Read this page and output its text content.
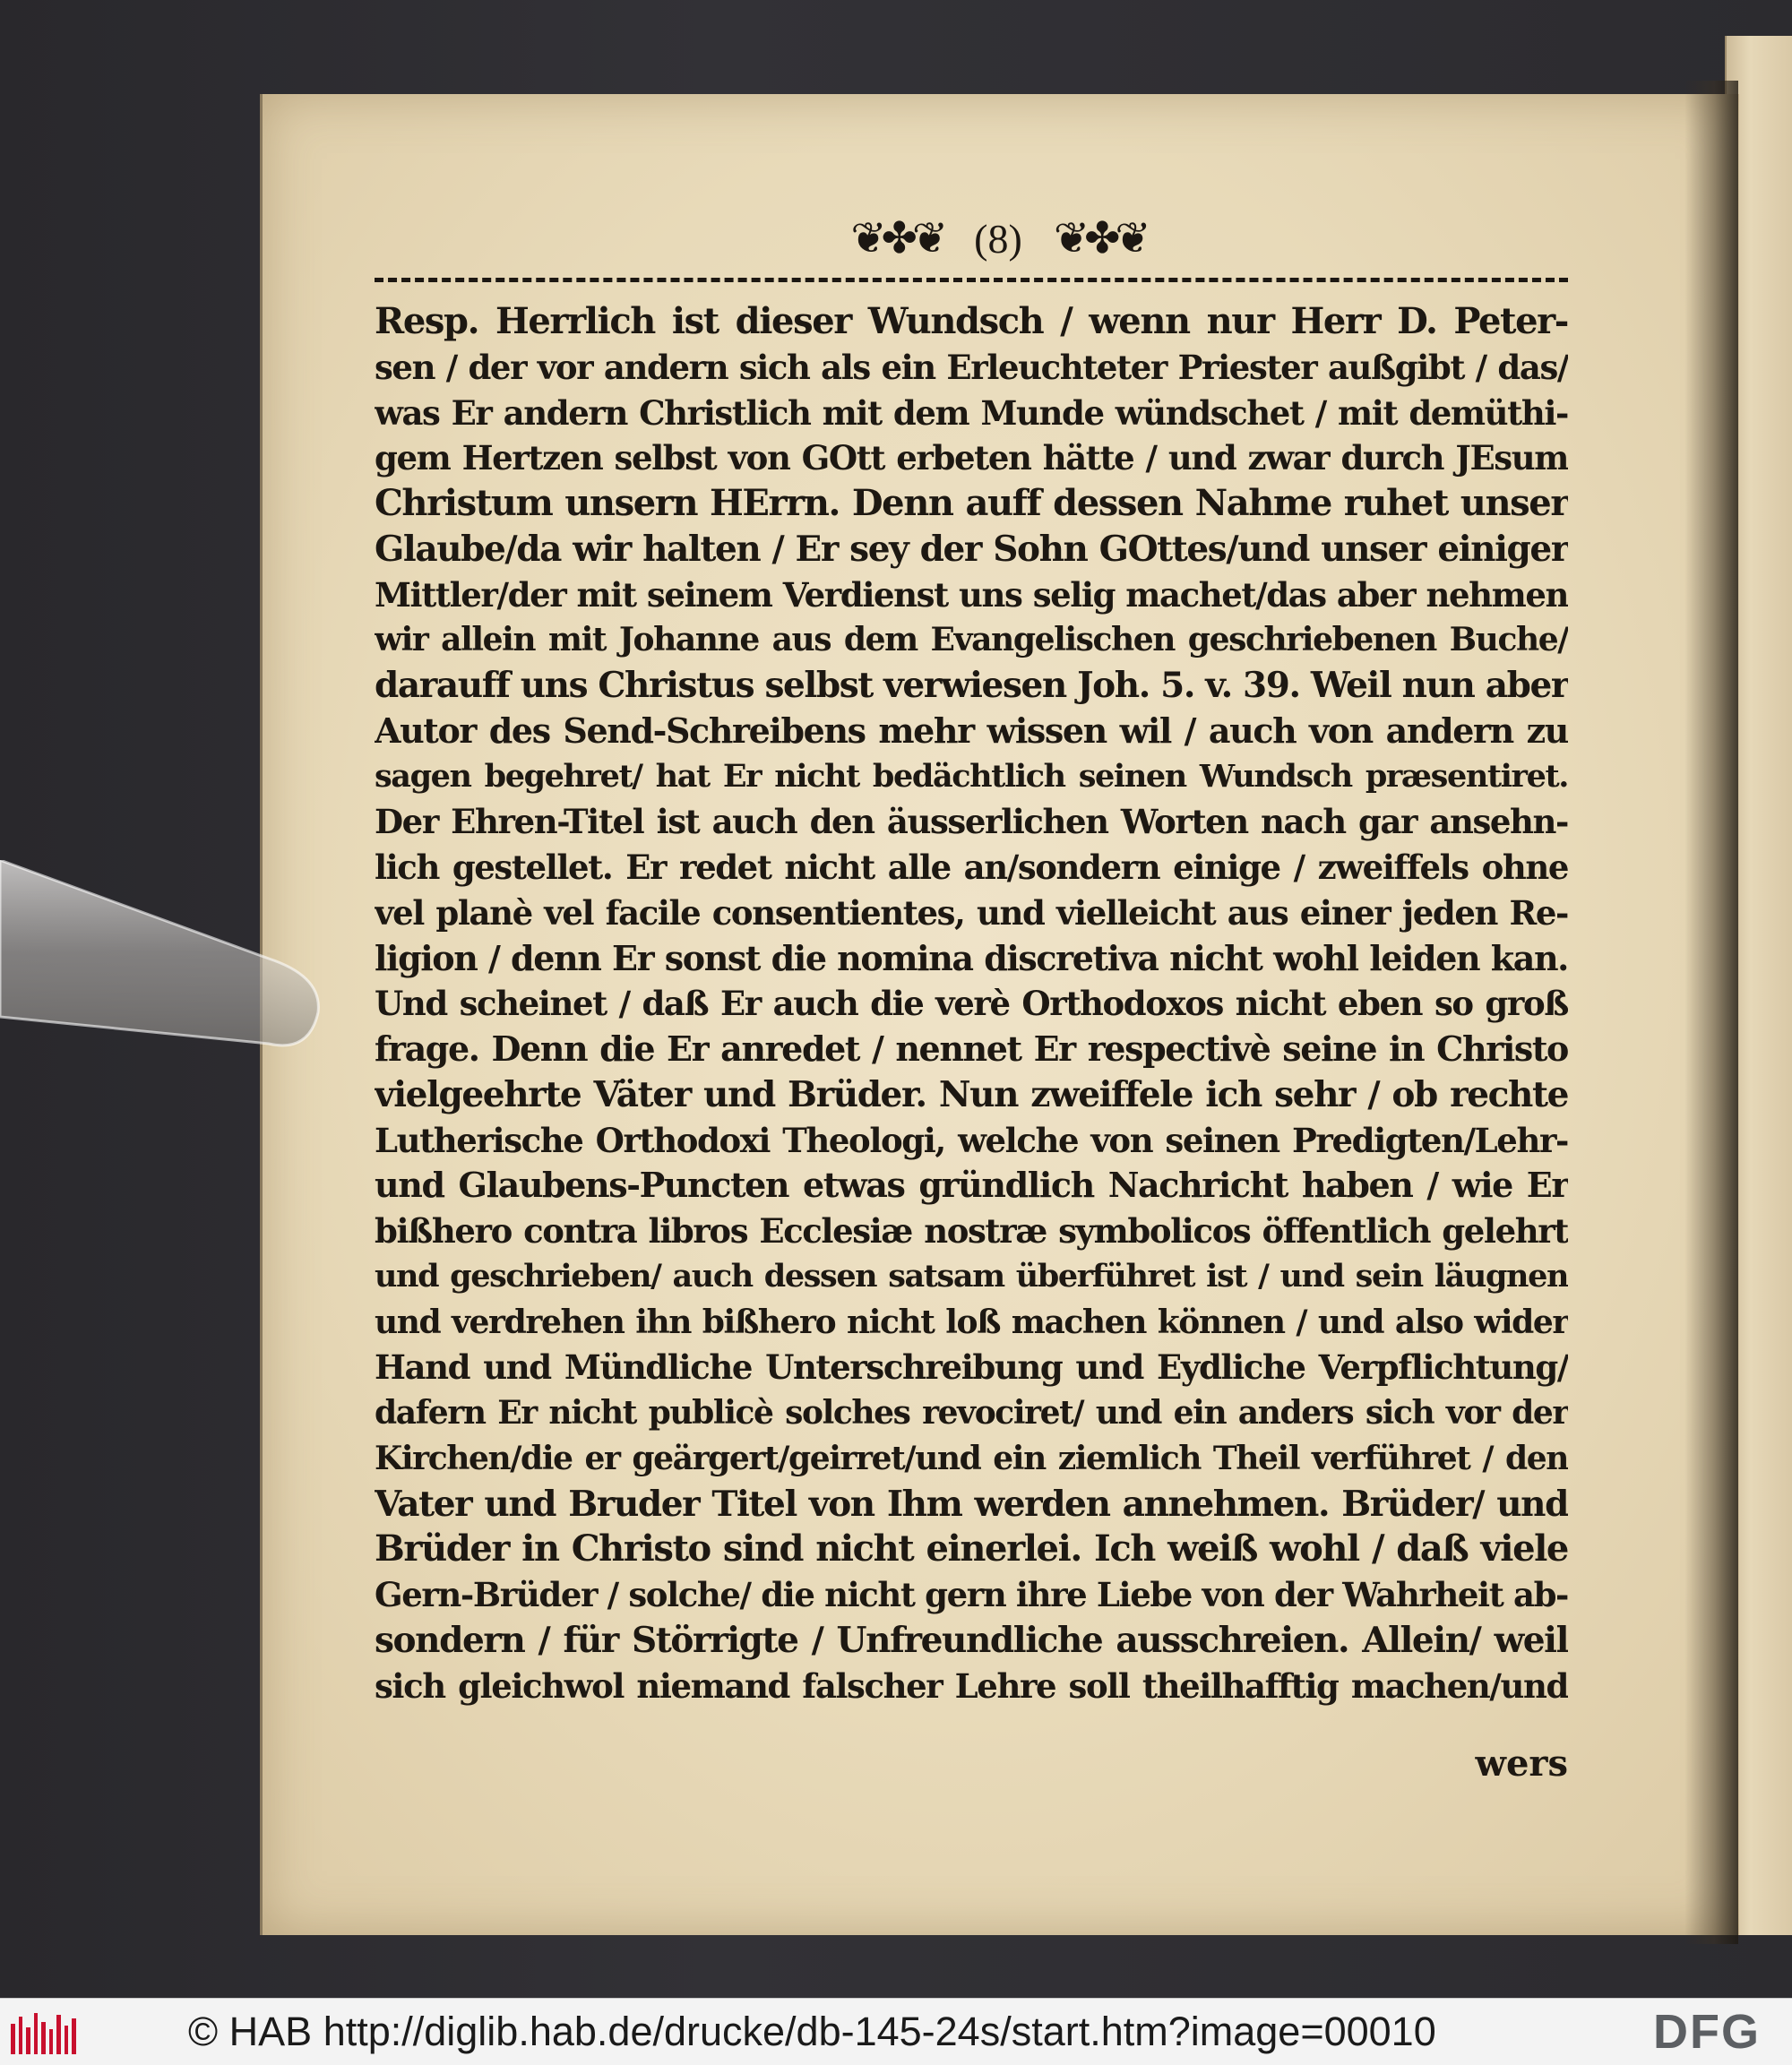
❦✤❦ (8) ❦✤❦
Resp. Herrlich ist dieser Wundsch / wenn nur Herr D. Peter-
sen / der vor andern sich als ein Erleuchteter Priester außgibt / das/
was Er andern Christlich mit dem Munde wündschet / mit demüthi-
gem Hertzen selbst von GOtt erbeten hätte / und zwar durch JEsum
Christum unsern HErrn. Denn auff dessen Nahme ruhet unser
Glaube/da wir halten / Er sey der Sohn GOttes/und unser einiger
Mittler/der mit seinem Verdienst uns selig machet/das aber nehmen
wir allein mit Johanne aus dem Evangelischen geschriebenen Buche/
darauff uns Christus selbst verwiesen Joh. 5. v. 39. Weil nun aber
Autor des Send-Schreibens mehr wissen wil / auch von andern zu
sagen begehret/ hat Er nicht bedächtlich seinen Wundsch præsentiret.
Der Ehren-Titel ist auch den äusserlichen Worten nach gar ansehn-
lich gestellet. Er redet nicht alle an/sondern einige / zweiffels ohne
vel planè vel facile consentientes, und vielleicht aus einer jeden Re-
ligion / denn Er sonst die nomina discretiva nicht wohl leiden kan.
Und scheinet / daß Er auch die verè Orthodoxos nicht eben so groß
frage. Denn die Er anredet / nennet Er respectivè seine in Christo
vielgeehrte Väter und Brüder. Nun zweiffele ich sehr / ob rechte
Lutherische Orthodoxi Theologi, welche von seinen Predigten/Lehr-
und Glaubens-Puncten etwas gründlich Nachricht haben / wie Er
bißhero contra libros Ecclesiæ nostræ symbolicos öffentlich gelehrt
und geschrieben/ auch dessen satsam überführet ist / und sein läugnen
und verdrehen ihn bißhero nicht loß machen können / und also wider
Hand und Mündliche Unterschreibung und Eydliche Verpflichtung/
dafern Er nicht publicè solches revociret/ und ein anders sich vor der
Kirchen/die er geärgert/geirret/und ein ziemlich Theil verführet / den
Vater und Bruder Titel von Ihm werden annehmen. Brüder/ und
Brüder in Christo sind nicht einerlei. Ich weiß wohl / daß viele
Gern-Brüder / solche/ die nicht gern ihre Liebe von der Wahrheit ab-
sondern / für Störrigte / Unfreundliche ausschreien. Allein/ weil
sich gleichwol niemand falscher Lehre soll theilhafftig machen/und
wers
© HAB http://diglib.hab.de/drucke/db-145-24s/start.htm?image=00010	DFG
